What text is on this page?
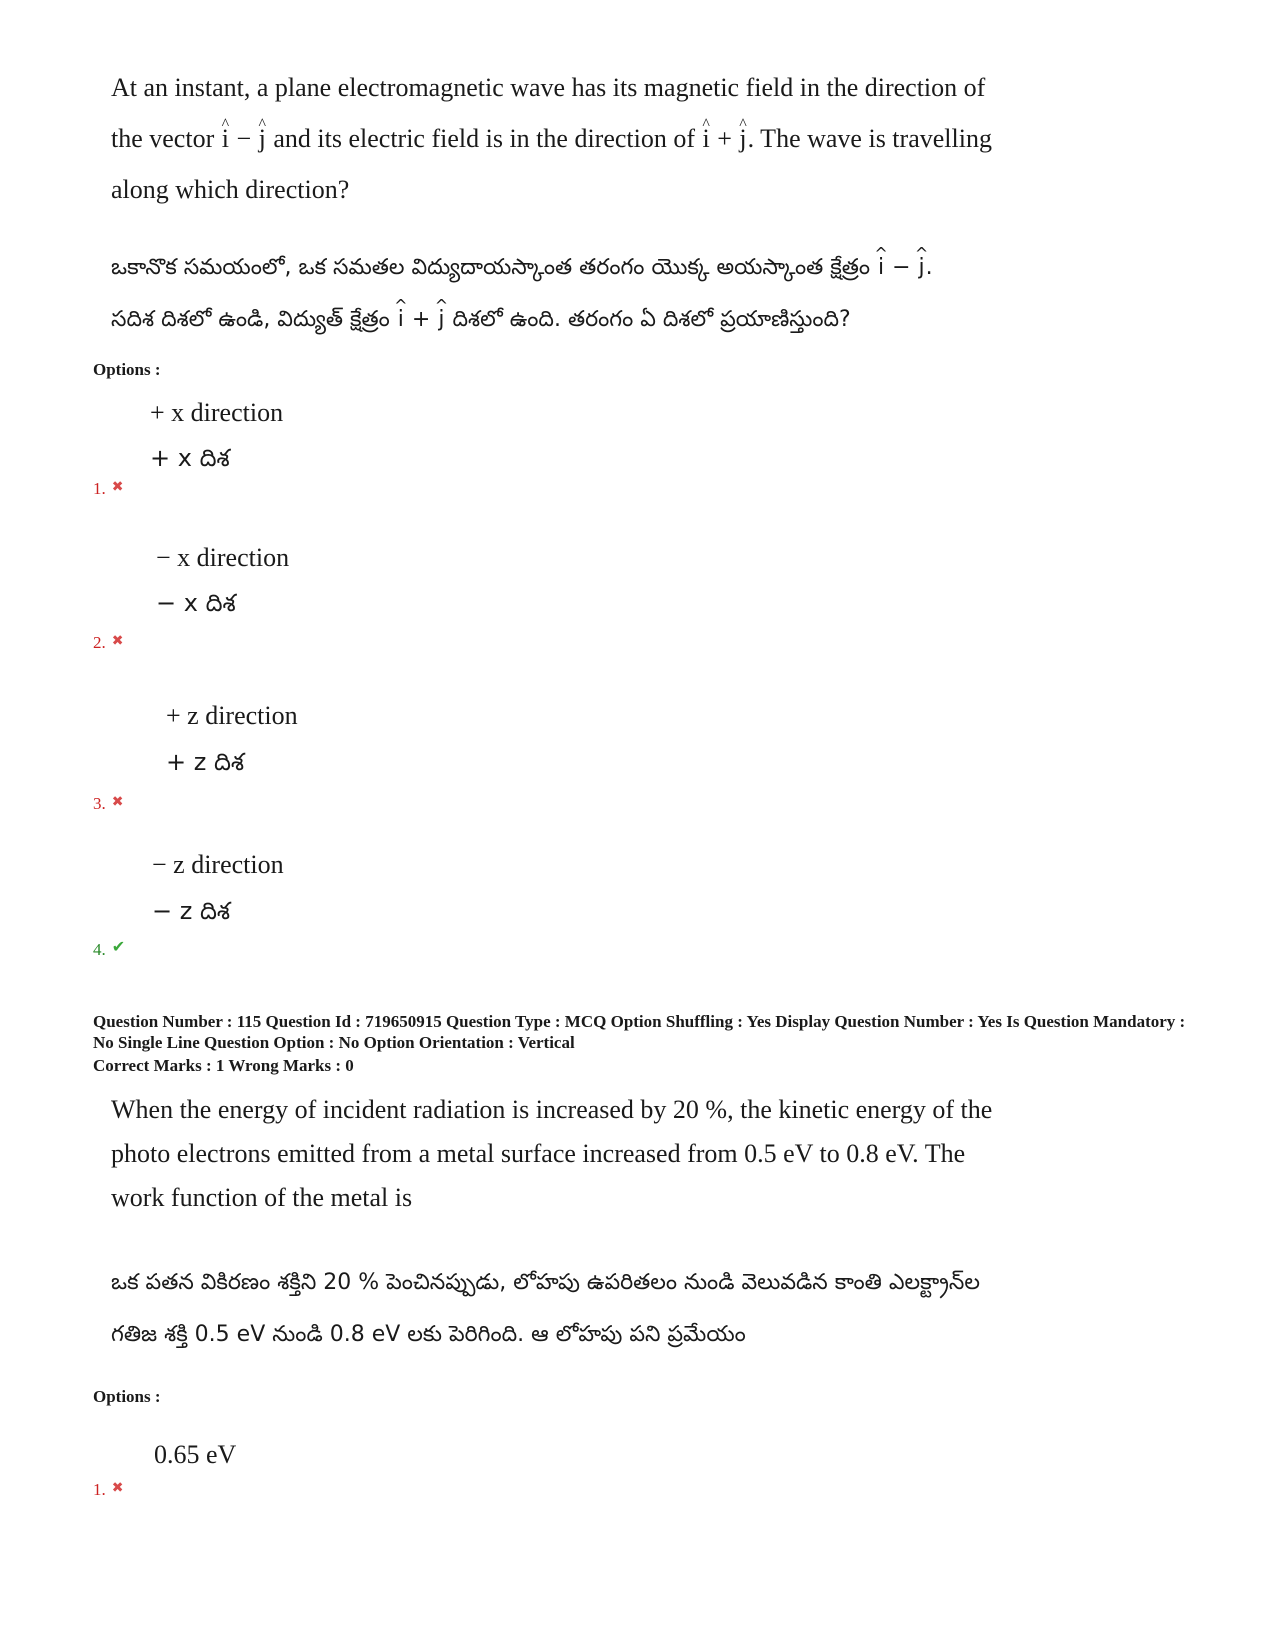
At an instant, a plane electromagnetic wave has its magnetic field in the direction of
the vector ^ i − ^ j and its electric field is in the direction of ^ i + ^ j. The wave is travelling
along which direction?
ఒకానొక సమయంలో, ఒక సమతల విద్యుదాయస్కాంత తరంగం యొక్క అయస్కాంత క్షేత్రం ^ i − ^ j.
సదిశ దిశలో ఉండి, విద్యుత్ క్షేత్రం ^ i + ^ j దిశలో ఉంది. తరంగం ఏ దిశలో ప్రయాణిస్తుంది?
Options :
+ x direction
+ x దిశ
1. ✖
− x direction
− x దిశ
2. ✖
+ z direction
+ z దిశ
3. ✖
− z direction
− z దిశ
4. ✔
Question Number : 115 Question Id : 719650915 Question Type : MCQ Option Shuffling : Yes Display Question Number : Yes Is Question Mandatory : No Single Line Question Option : No Option Orientation : Vertical
Correct Marks : 1 Wrong Marks : 0
When the energy of incident radiation is increased by 20 %, the kinetic energy of the
photo electrons emitted from a metal surface increased from 0.5 eV to 0.8 eV. The
work function of the metal is
ఒక పతన వికిరణం శక్తిని 20 % పెంచినప్పుడు, లోహపు ఉపరితలం నుండి వెలువడిన కాంతి ఎలక్ట్రాన్‌ల
గతిజ శక్తి 0.5 eV నుండి 0.8 eV లకు పెరిగింది. ఆ లోహపు పని ప్రమేయం
Options :
0.65 eV
1. ✖
